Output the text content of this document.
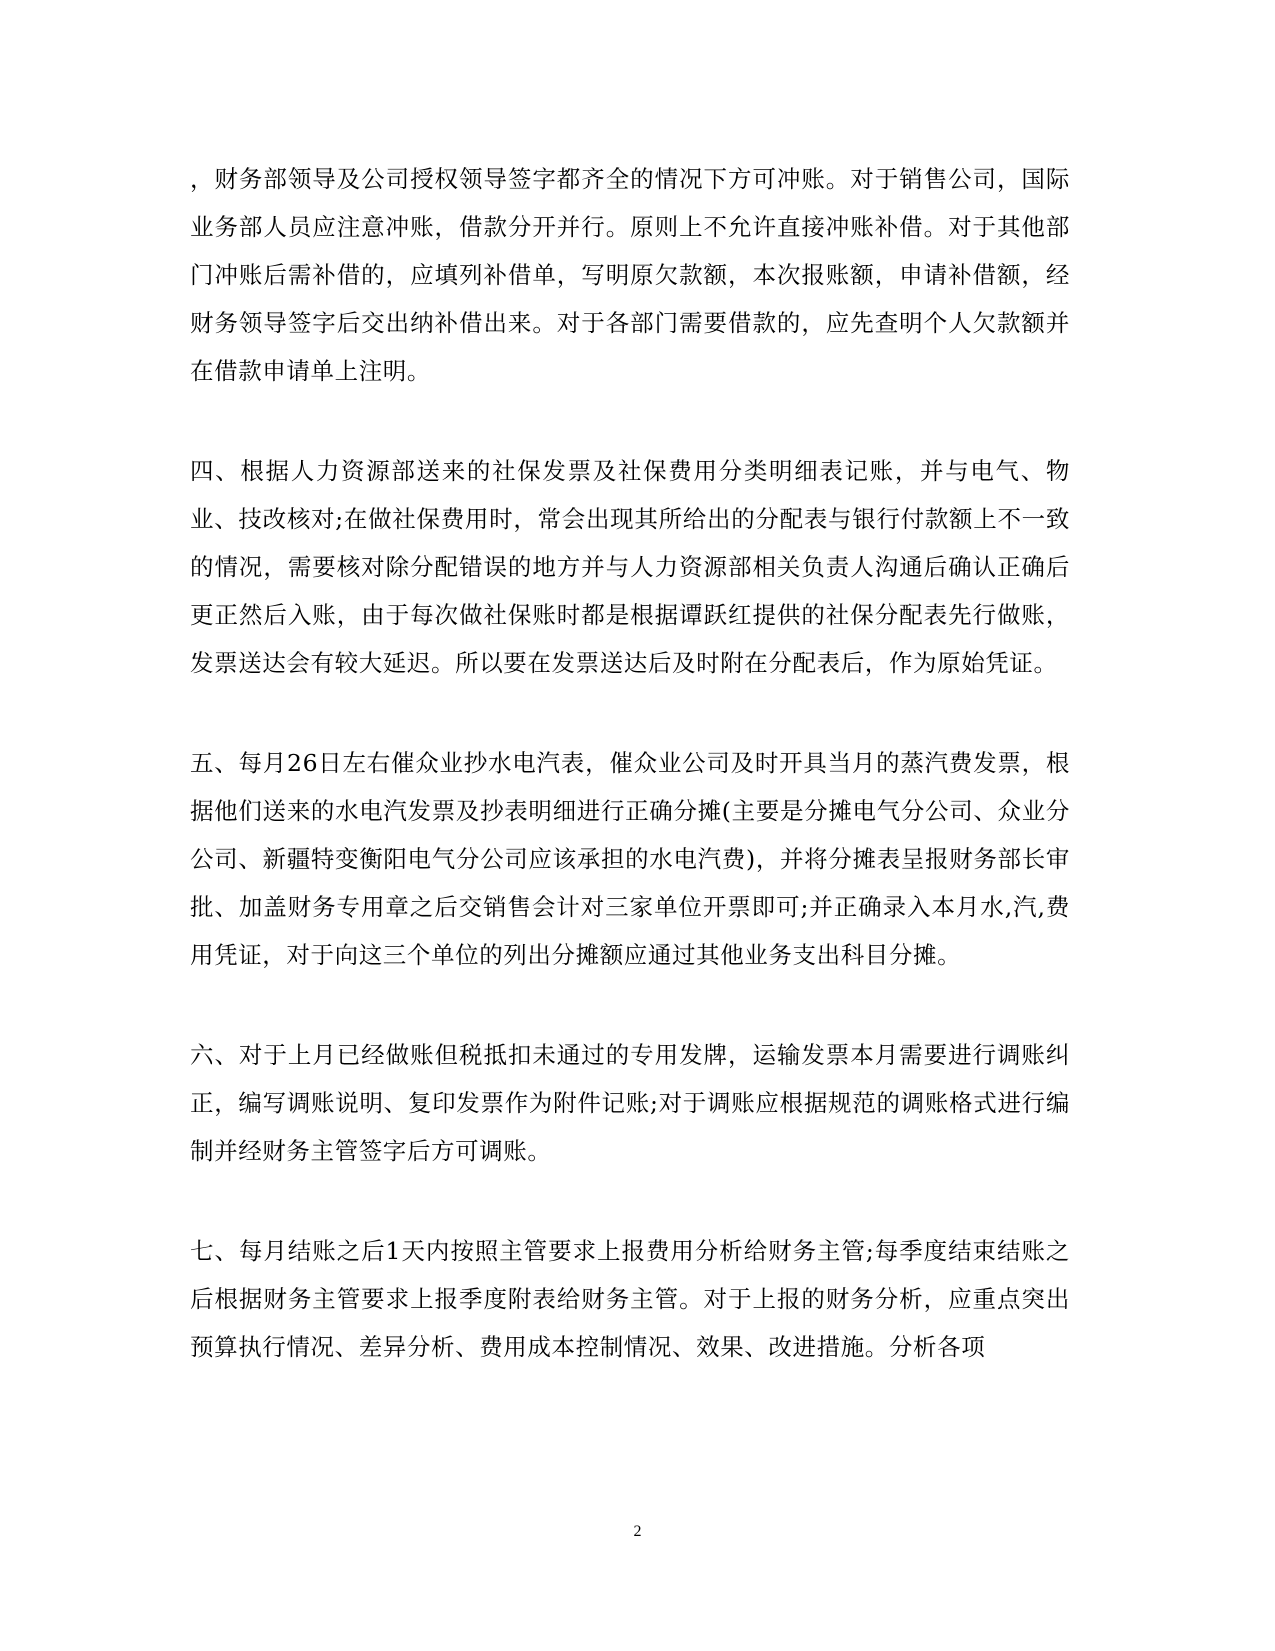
，财务部领导及公司授权领导签字都齐全的情况下方可冲账。对于销售公司，国际业务部人员应注意冲账，借款分开并行。原则上不允许直接冲账补借。对于其他部门冲账后需补借的，应填列补借单，写明原欠款额，本次报账额，申请补借额，经财务领导签字后交出纳补借出来。对于各部门需要借款的，应先查明个人欠款额并在借款申请单上注明。

四、根据人力资源部送来的社保发票及社保费用分类明细表记账，并与电气、物业、技改核对;在做社保费用时，常会出现其所给出的分配表与银行付款额上不一致的情况，需要核对除分配错误的地方并与人力资源部相关负责人沟通后确认正确后更正然后入账，由于每次做社保账时都是根据谭跃红提供的社保分配表先行做账，发票送达会有较大延迟。所以要在发票送达后及时附在分配表后，作为原始凭证。

五、每月26日左右催众业抄水电汽表，催众业公司及时开具当月的蒸汽费发票，根据他们送来的水电汽发票及抄表明细进行正确分摊(主要是分摊电气分公司、众业分公司、新疆特变衡阳电气分公司应该承担的水电汽费)，并将分摊表呈报财务部长审批、加盖财务专用章之后交销售会计对三家单位开票即可;并正确录入本月水,汽,费用凭证，对于向这三个单位的列出分摊额应通过其他业务支出科目分摊。

六、对于上月已经做账但税抵扣未通过的专用发牌，运输发票本月需要进行调账纠正，编写调账说明、复印发票作为附件记账;对于调账应根据规范的调账格式进行编制并经财务主管签字后方可调账。

七、每月结账之后1天内按照主管要求上报费用分析给财务主管;每季度结束结账之后根据财务主管要求上报季度附表给财务主管。对于上报的财务分析，应重点突出预算执行情况、差异分析、费用成本控制情况、效果、改进措施。分析各项

2
